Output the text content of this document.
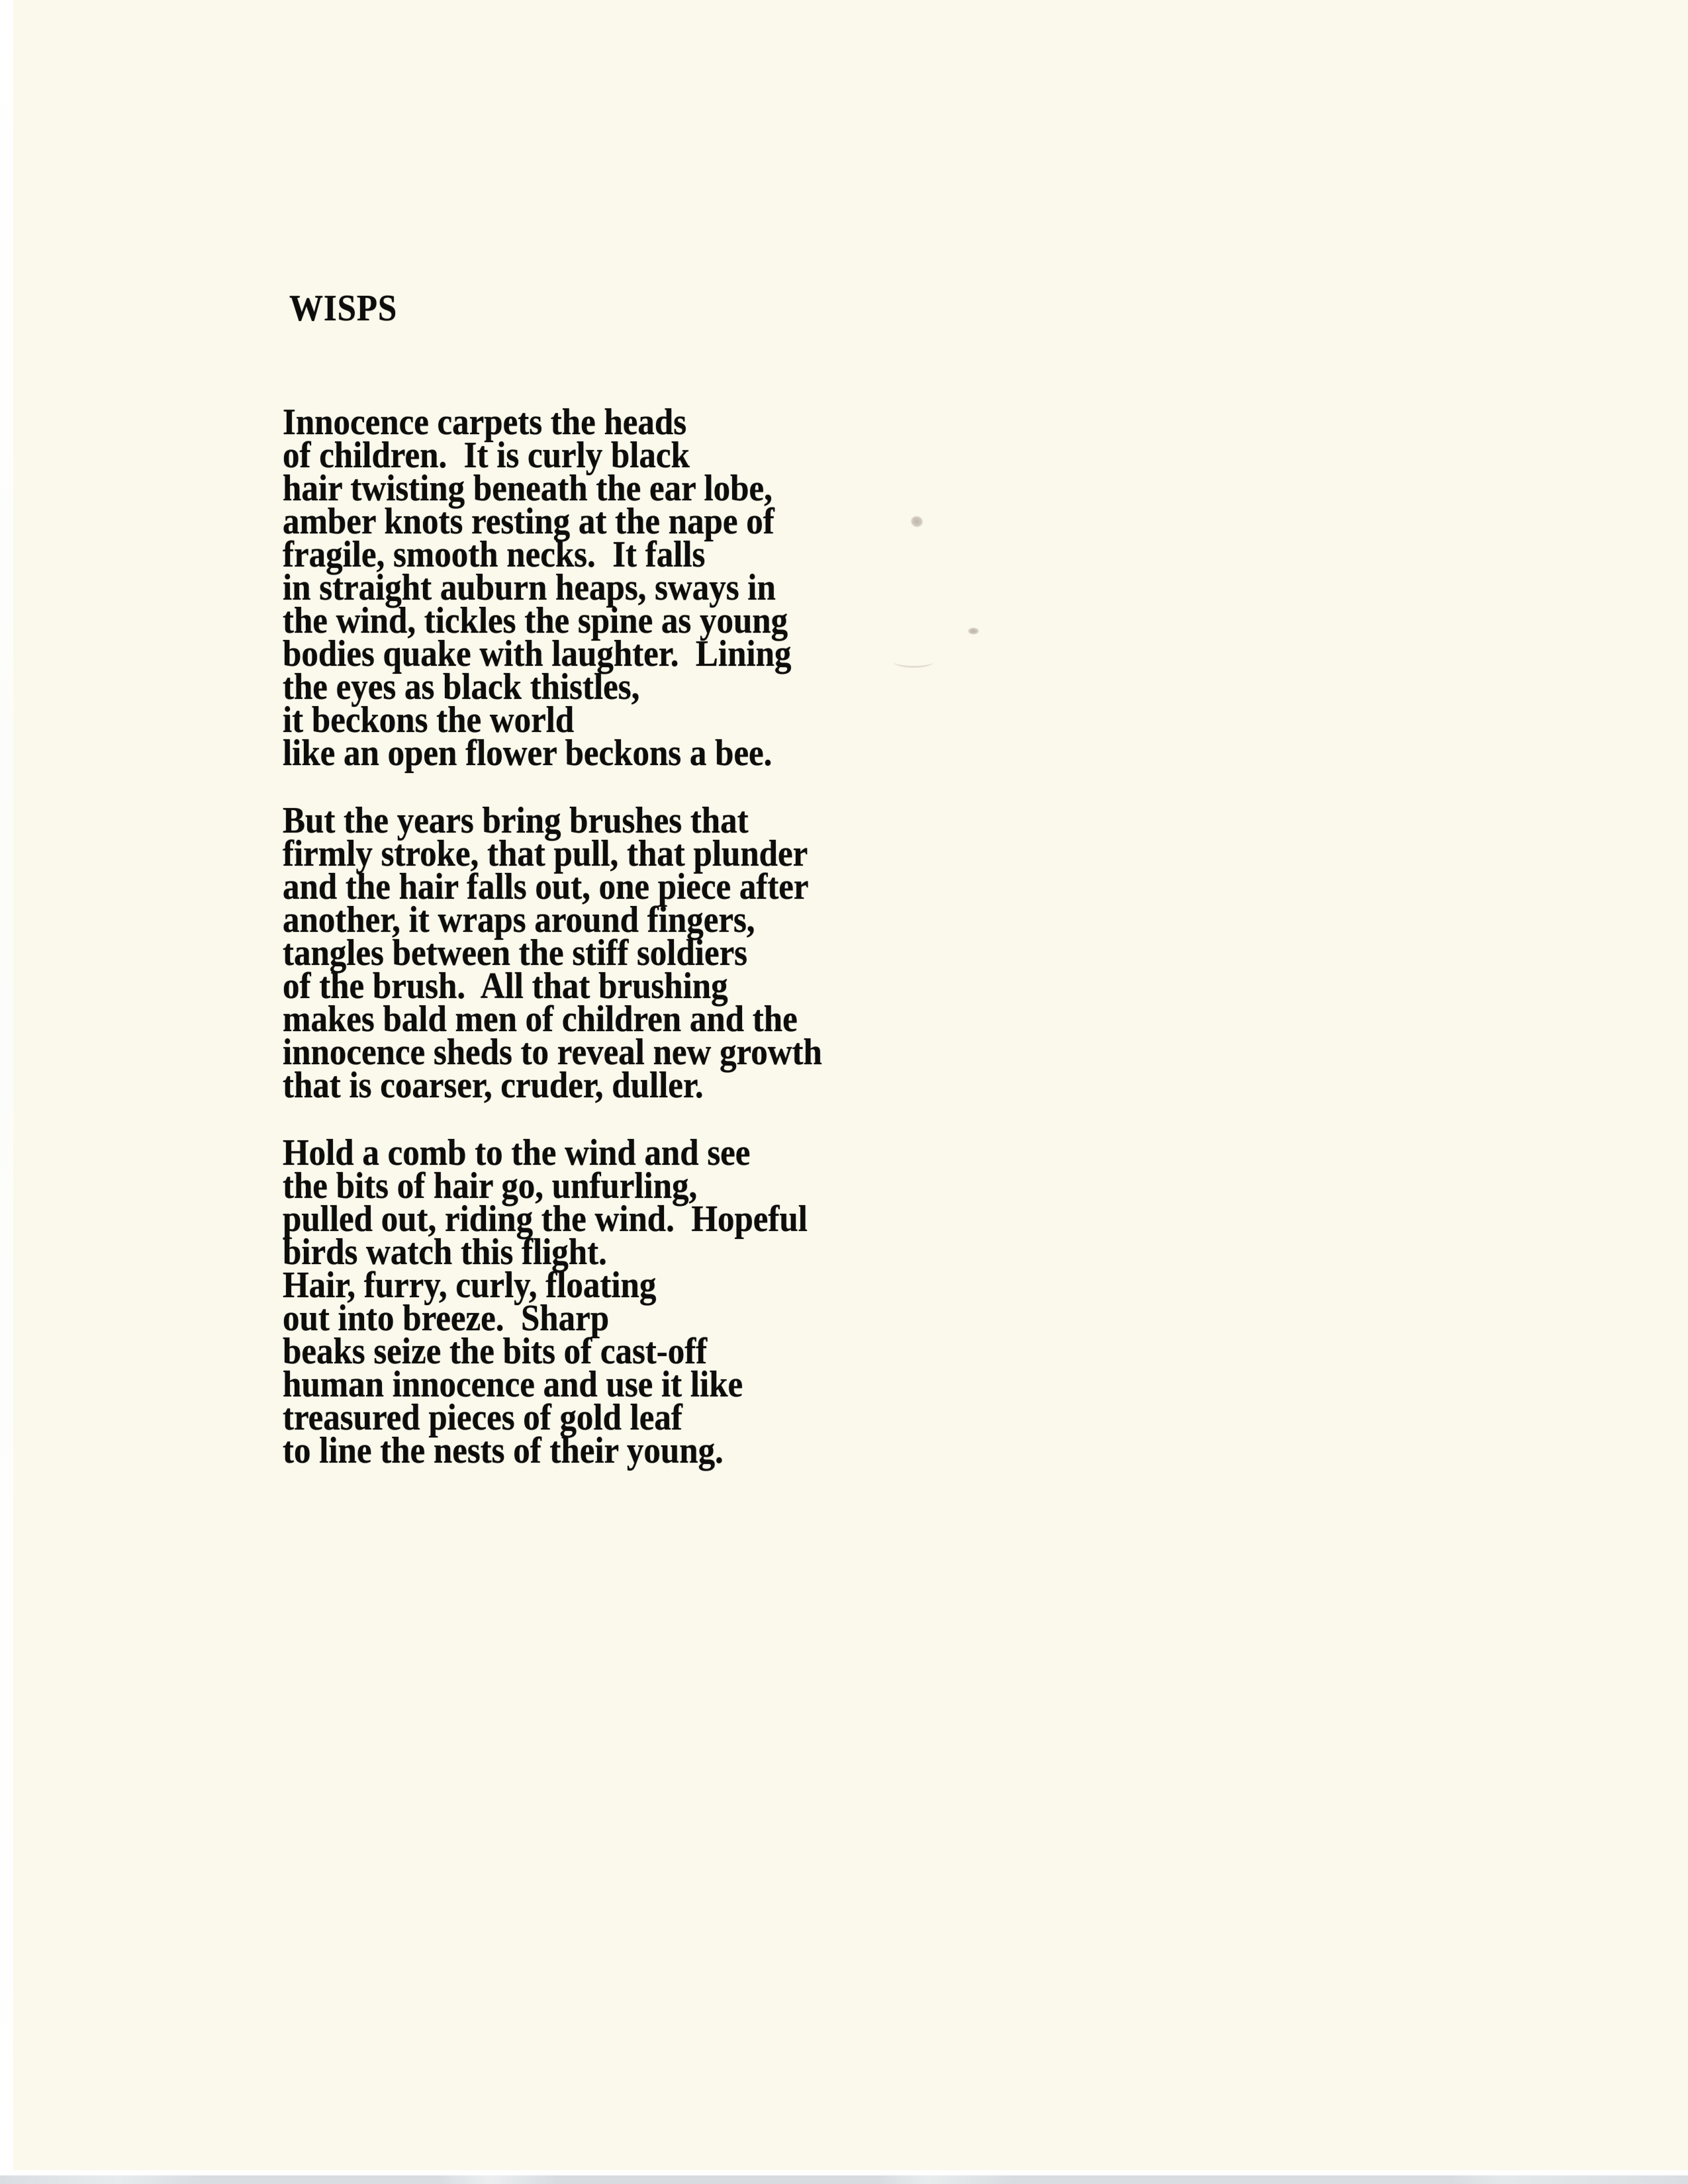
WISPS
Innocence carpets the heads
of children.  It is curly black
hair twisting beneath the ear lobe,
amber knots resting at the nape of
fragile, smooth necks.  It falls
in straight auburn heaps, sways in
the wind, tickles the spine as young
bodies quake with laughter.  Lining
the eyes as black thistles,
it beckons the world
like an open flower beckons a bee.
But the years bring brushes that
firmly stroke, that pull, that plunder
and the hair falls out, one piece after
another, it wraps around fingers,
tangles between the stiff soldiers
of the brush.  All that brushing
makes bald men of children and the
innocence sheds to reveal new growth
that is coarser, cruder, duller.
Hold a comb to the wind and see
the bits of hair go, unfurling,
pulled out, riding the wind.  Hopeful
birds watch this flight.
Hair, furry, curly, floating
out into breeze.  Sharp
beaks seize the bits of cast-off
human innocence and use it like
treasured pieces of gold leaf
to line the nests of their young.
